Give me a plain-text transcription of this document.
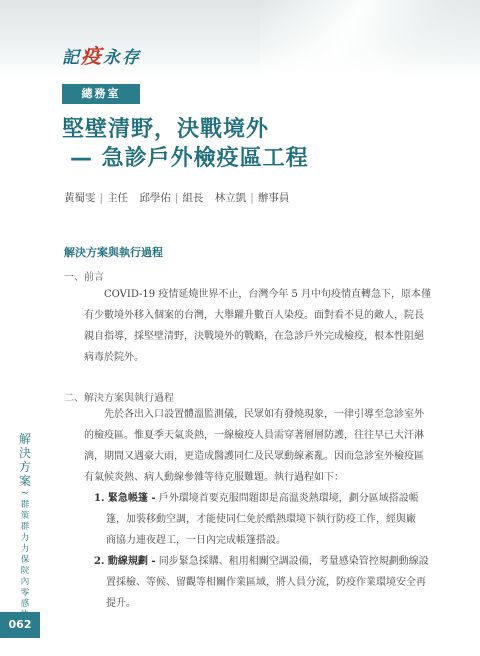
記疫永存
總務室
堅壁清野，決戰境外
— 急診戶外檢疫區工程
黃蜀雯 | 主任 邱學佑 | 組長 林立凱 | 辦事員
解決方案與執行過程
一、前言
COVID-19 疫情延燒世界不止，台灣今年 5 月中旬疫情直轉急下，原本僅
有少數境外移入個案的台灣，大舉躍升數百人染疫。面對看不見的敵人，院長
親自指導，採堅壁清野，決戰境外的戰略，在急診戶外完成檢疫，根本性阻絕
病毒於院外。
二、解決方案與執行過程
先於各出入口設置體溫監測儀，民眾如有發燒現象，一律引導至急診室外
的檢疫區。惟夏季天氣炎熱，一線檢疫人員需穿著層層防護，往往早已大汗淋
漓，期間又遇豪大雨，更造成醫護同仁及民眾動線紊亂。因而急診室外檢疫區
有氣候炎熱、病人動線參雜等待克服難題。執行過程如下：
1. 緊急帳篷 - 戶外環境首要克服問題即是高溫炎熱環境，劃分區域搭設帳
篷，加裝移動空調，才能使同仁免於酷熱環境下執行防疫工作，經與廠
商協力連夜趕工，一日內完成帳篷搭設。
2. 動線規劃 - 同步緊急採購、租用相關空調設備，考量感染管控規劃動線設
置採檢、等候、留觀等相關作業區域，將人員分流，防疫作業環境安全再
提升。
解
決
方
案
~
群
策
群
力
力
保
院
內
零
感
062
